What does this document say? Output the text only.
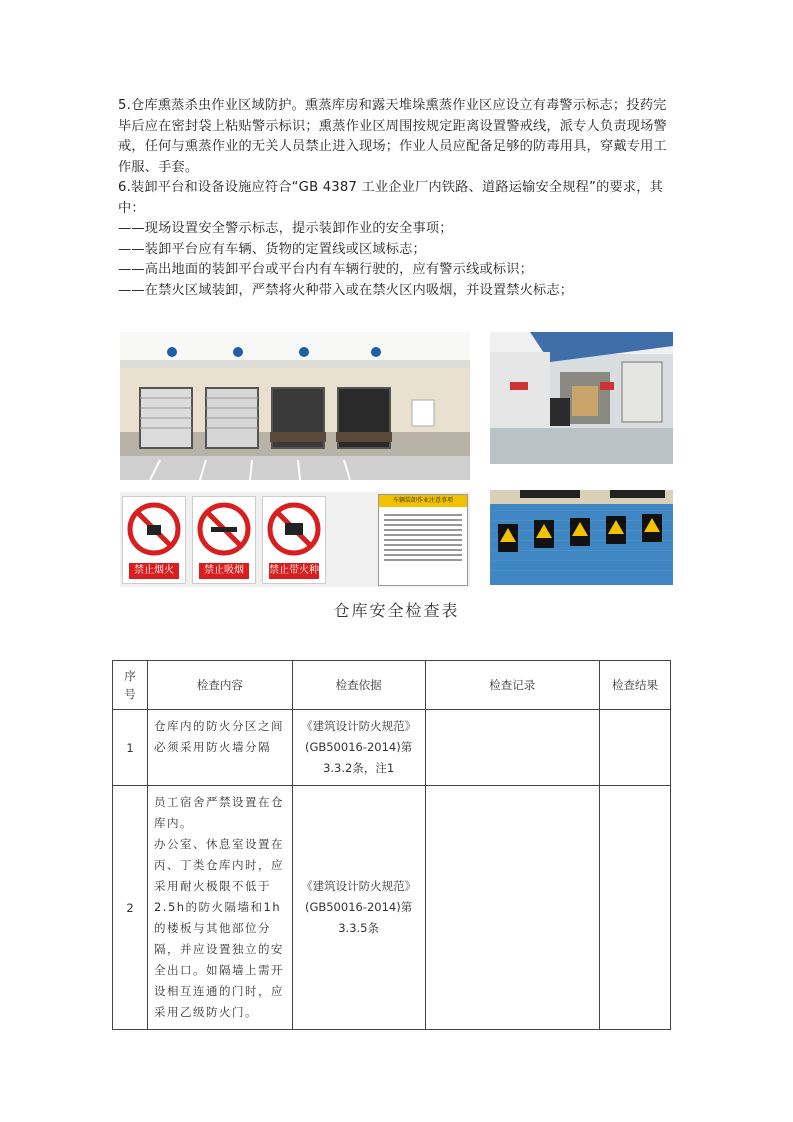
5.仓库熏蒸杀虫作业区域防护。熏蒸库房和露天堆垛熏蒸作业区应设立有毒警示标志；投药完毕后应在密封袋上粘贴警示标识；熏蒸作业区周围按规定距离设置警戒线，派专人负责现场警戒，任何与熏蒸作业的无关人员禁止进入现场；作业人员应配备足够的防毒用具，穿戴专用工作服、手套。

6.装卸平台和设备设施应符合“GB 4387 工业企业厂内铁路、道路运输安全规程”的要求，其中：

——现场设置安全警示标志，提示装卸作业的安全事项；

——装卸平台应有车辆、货物的定置线或区域标志；

——高出地面的装卸平台或平台内有车辆行驶的，应有警示线或标识；

——在禁火区域装卸，严禁将火种带入或在禁火区内吸烟，并设置禁火标志；

禁止烟火	禁止吸烟	禁止带火种
车辆装卸作业注意事项
仓库安全检查表
序号	检查内容	检查依据	检查记录	检查结果
1	仓库内的防火分区之间必须采用防火墙分隔	《建筑设计防火规范》(GB50016-2014)第3.3.2条，注1		
2	员工宿舍严禁设置在仓库内。
办公室、休息室设置在丙、丁类仓库内时，应采用耐火极限不低于2.5h的防火隔墙和1h的楼板与其他部位分隔，并应设置独立的安全出口。如隔墙上需开设相互连通的门时，应采用乙级防火门。	《建筑设计防火规范》(GB50016-2014)第3.3.5条		
